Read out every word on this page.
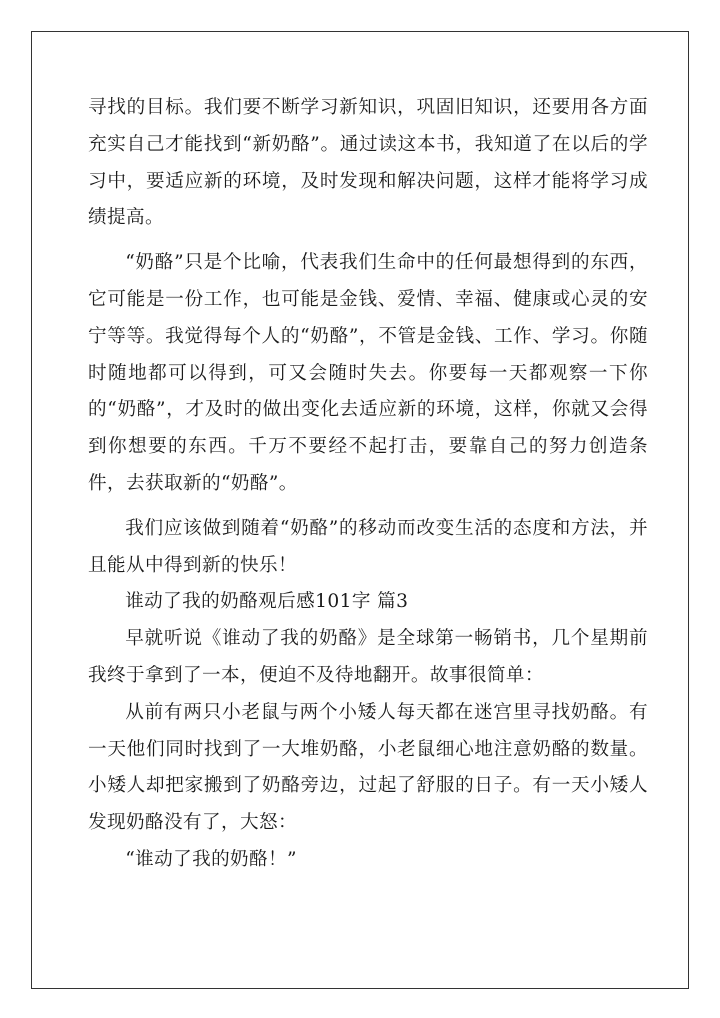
寻找的目标。我们要不断学习新知识，巩固旧知识，还要用各方面充实自己才能找到“新奶酪”。通过读这本书，我知道了在以后的学习中，要适应新的环境，及时发现和解决问题，这样才能将学习成绩提高。

“奶酪”只是个比喻，代表我们生命中的任何最想得到的东西，它可能是一份工作，也可能是金钱、爱情、幸福、健康或心灵的安宁等等。我觉得每个人的“奶酪”，不管是金钱、工作、学习。你随时随地都可以得到，可又会随时失去。你要每一天都观察一下你的“奶酪”，才及时的做出变化去适应新的环境，这样，你就又会得到你想要的东西。千万不要经不起打击，要靠自己的努力创造条件，去获取新的“奶酪”。

我们应该做到随着“奶酪”的移动而改变生活的态度和方法，并且能从中得到新的快乐！

谁动了我的奶酪观后感101字 篇3

早就听说《谁动了我的奶酪》是全球第一畅销书，几个星期前我终于拿到了一本，便迫不及待地翻开。故事很简单：

从前有两只小老鼠与两个小矮人每天都在迷宫里寻找奶酪。有一天他们同时找到了一大堆奶酪，小老鼠细心地注意奶酪的数量。小矮人却把家搬到了奶酪旁边，过起了舒服的日子。有一天小矮人发现奶酪没有了，大怒：

“谁动了我的奶酪！”
